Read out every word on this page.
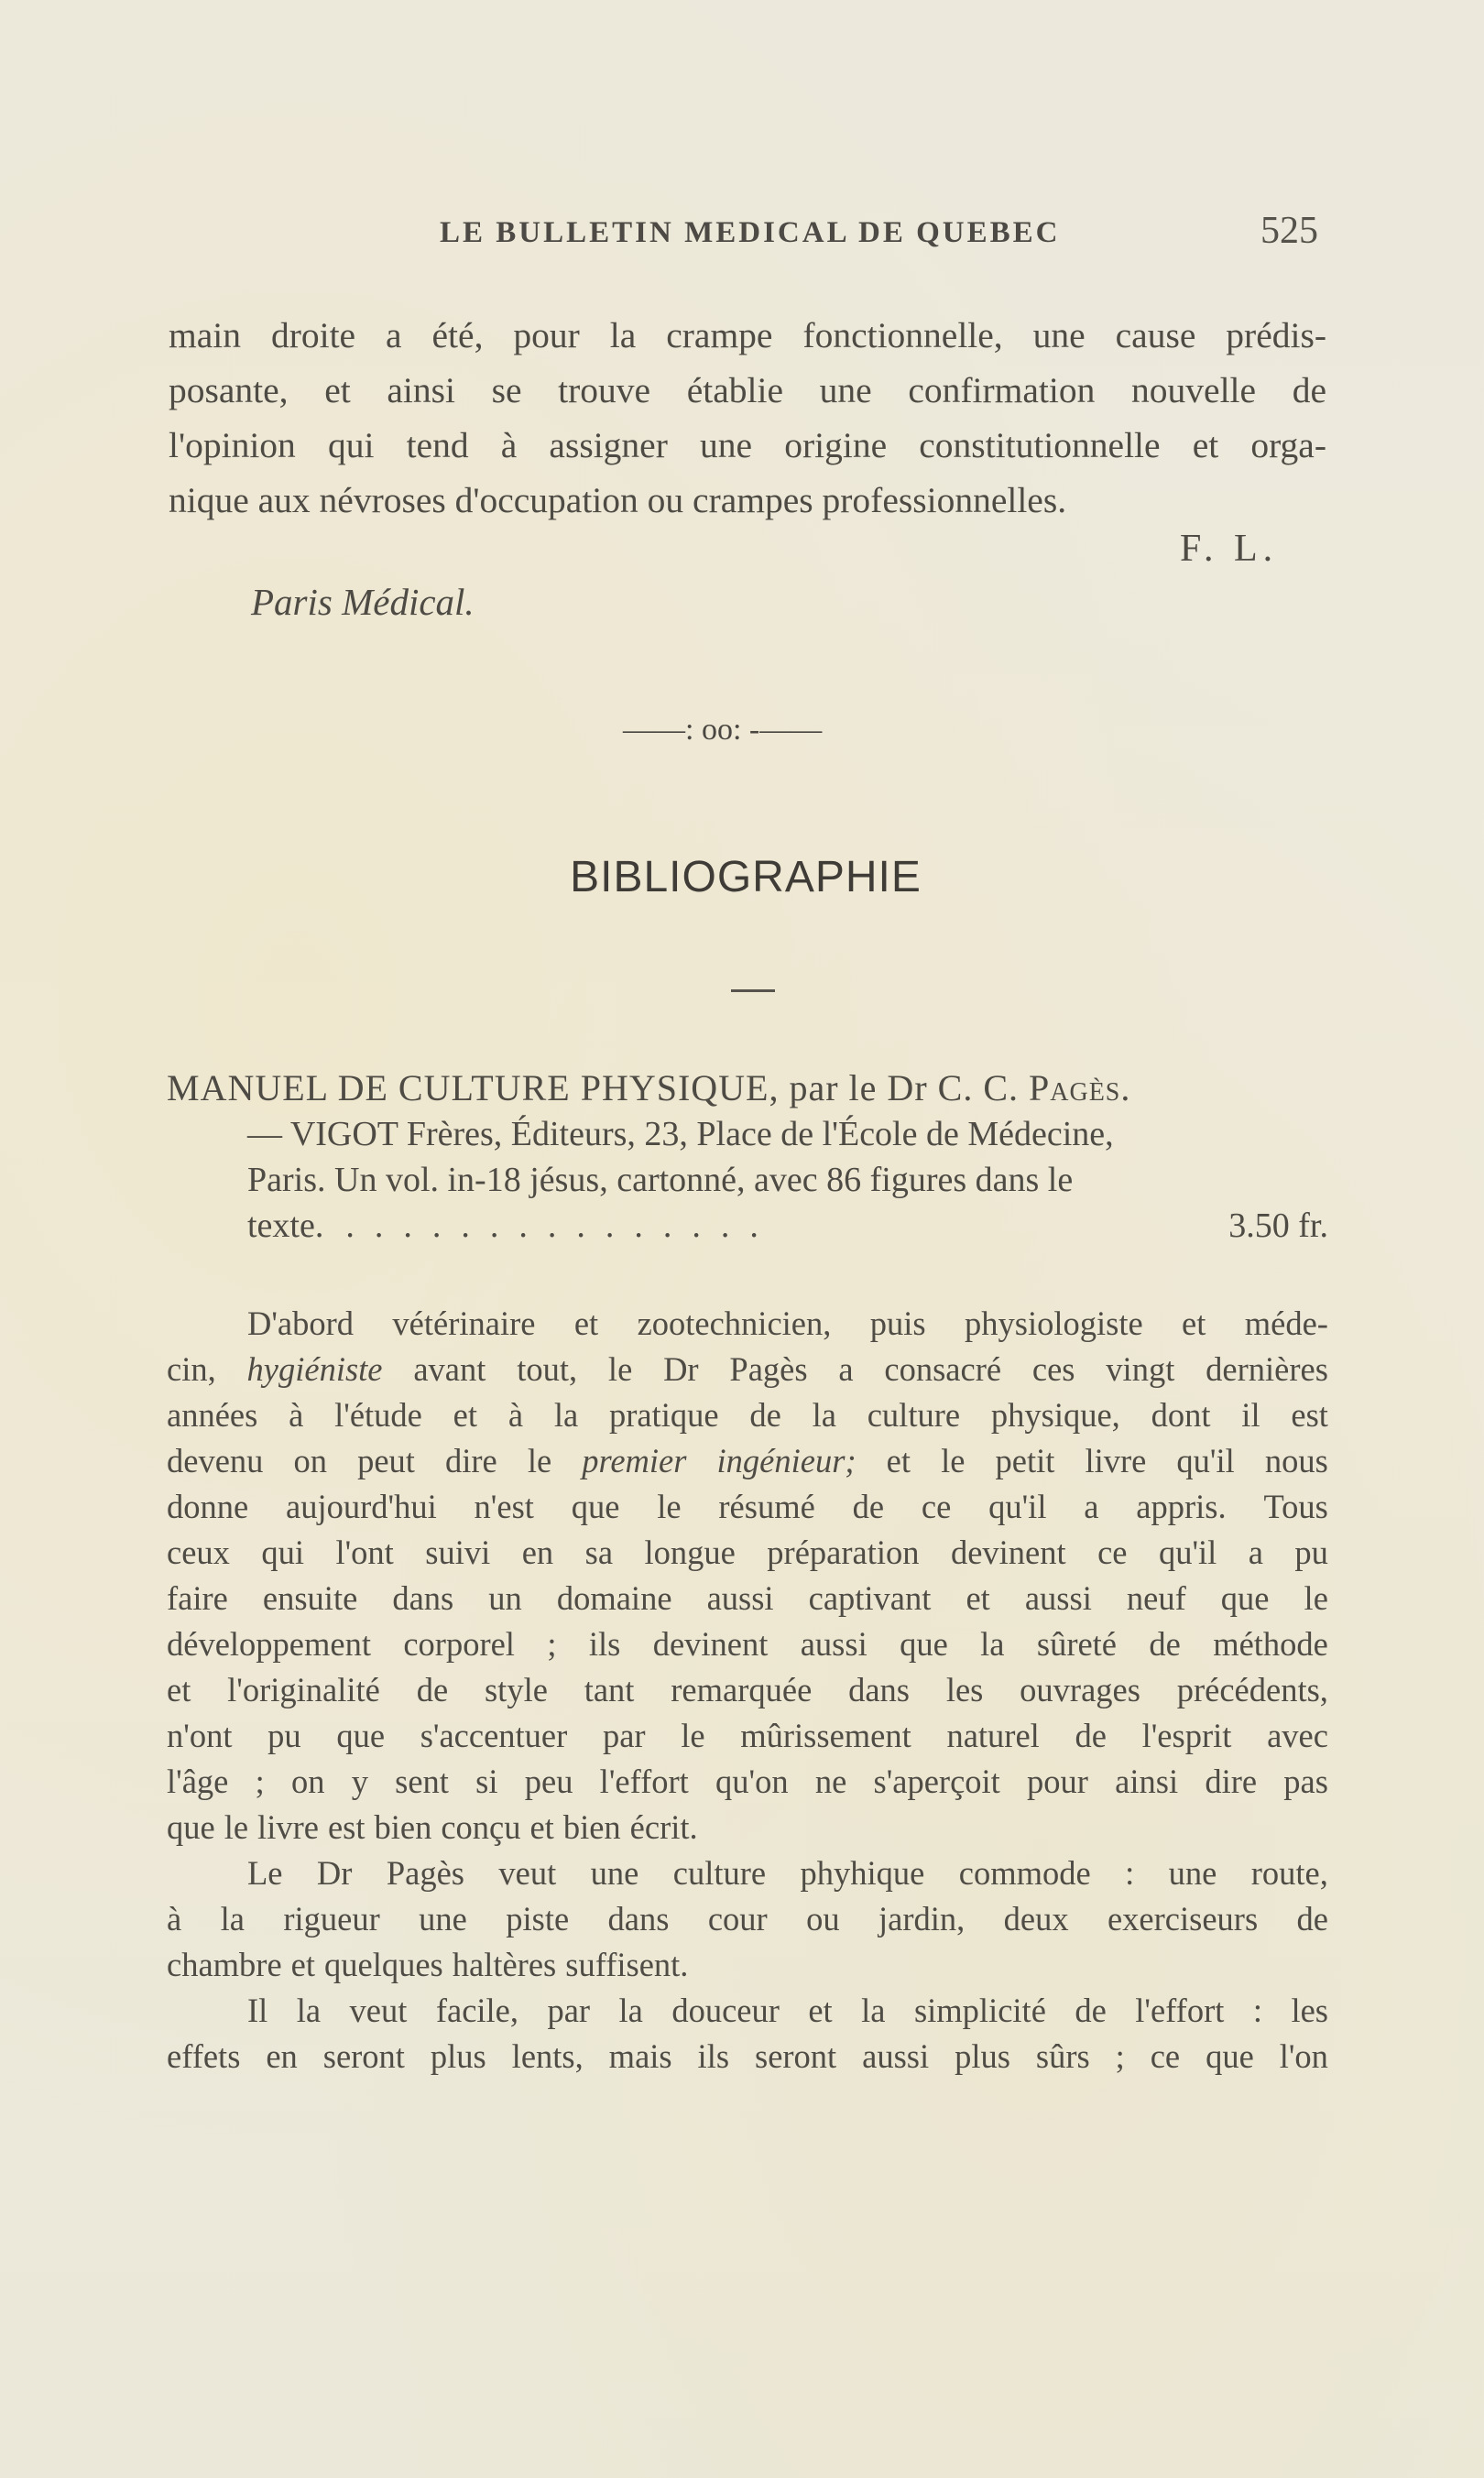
LE BULLETIN MEDICAL DE QUEBEC	525
main droite a été, pour la crampe fonctionnelle, une cause prédis-
posante, et ainsi se trouve établie une confirmation nouvelle de
l'opinion qui tend à assigner une origine constitutionnelle et orga-
nique aux névroses d'occupation ou crampes professionnelles.
F. L.
Paris Médical.
——: oo: -——
BIBLIOGRAPHIE
MANUEL DE CULTURE PHYSIQUE, par le Dr C. C. Pagès.
— VIGOT Frères, Éditeurs, 23, Place de l'École de Médecine,
Paris. Un vol. in-18 jésus, cartonné, avec 86 figures dans le
texte. ...............	3.50 fr.
D'abord vétérinaire et zootechnicien, puis physiologiste et méde-
cin, hygiéniste avant tout, le Dr Pagès a consacré ces vingt dernières
années à l'étude et à la pratique de la culture physique, dont il est
devenu on peut dire le premier ingénieur; et le petit livre qu'il nous
donne aujourd'hui n'est que le résumé de ce qu'il a appris. Tous
ceux qui l'ont suivi en sa longue préparation devinent ce qu'il a pu
faire ensuite dans un domaine aussi captivant et aussi neuf que le
développement corporel ; ils devinent aussi que la sûreté de méthode
et l'originalité de style tant remarquée dans les ouvrages précédents,
n'ont pu que s'accentuer par le mûrissement naturel de l'esprit avec
l'âge ; on y sent si peu l'effort qu'on ne s'aperçoit pour ainsi dire pas
que le livre est bien conçu et bien écrit.
Le Dr Pagès veut une culture phyhique commode : une route,
à la rigueur une piste dans cour ou jardin, deux exerciseurs de
chambre et quelques haltères suffisent.
Il la veut facile, par la douceur et la simplicité de l'effort : les
effets en seront plus lents, mais ils seront aussi plus sûrs ; ce que l'on
